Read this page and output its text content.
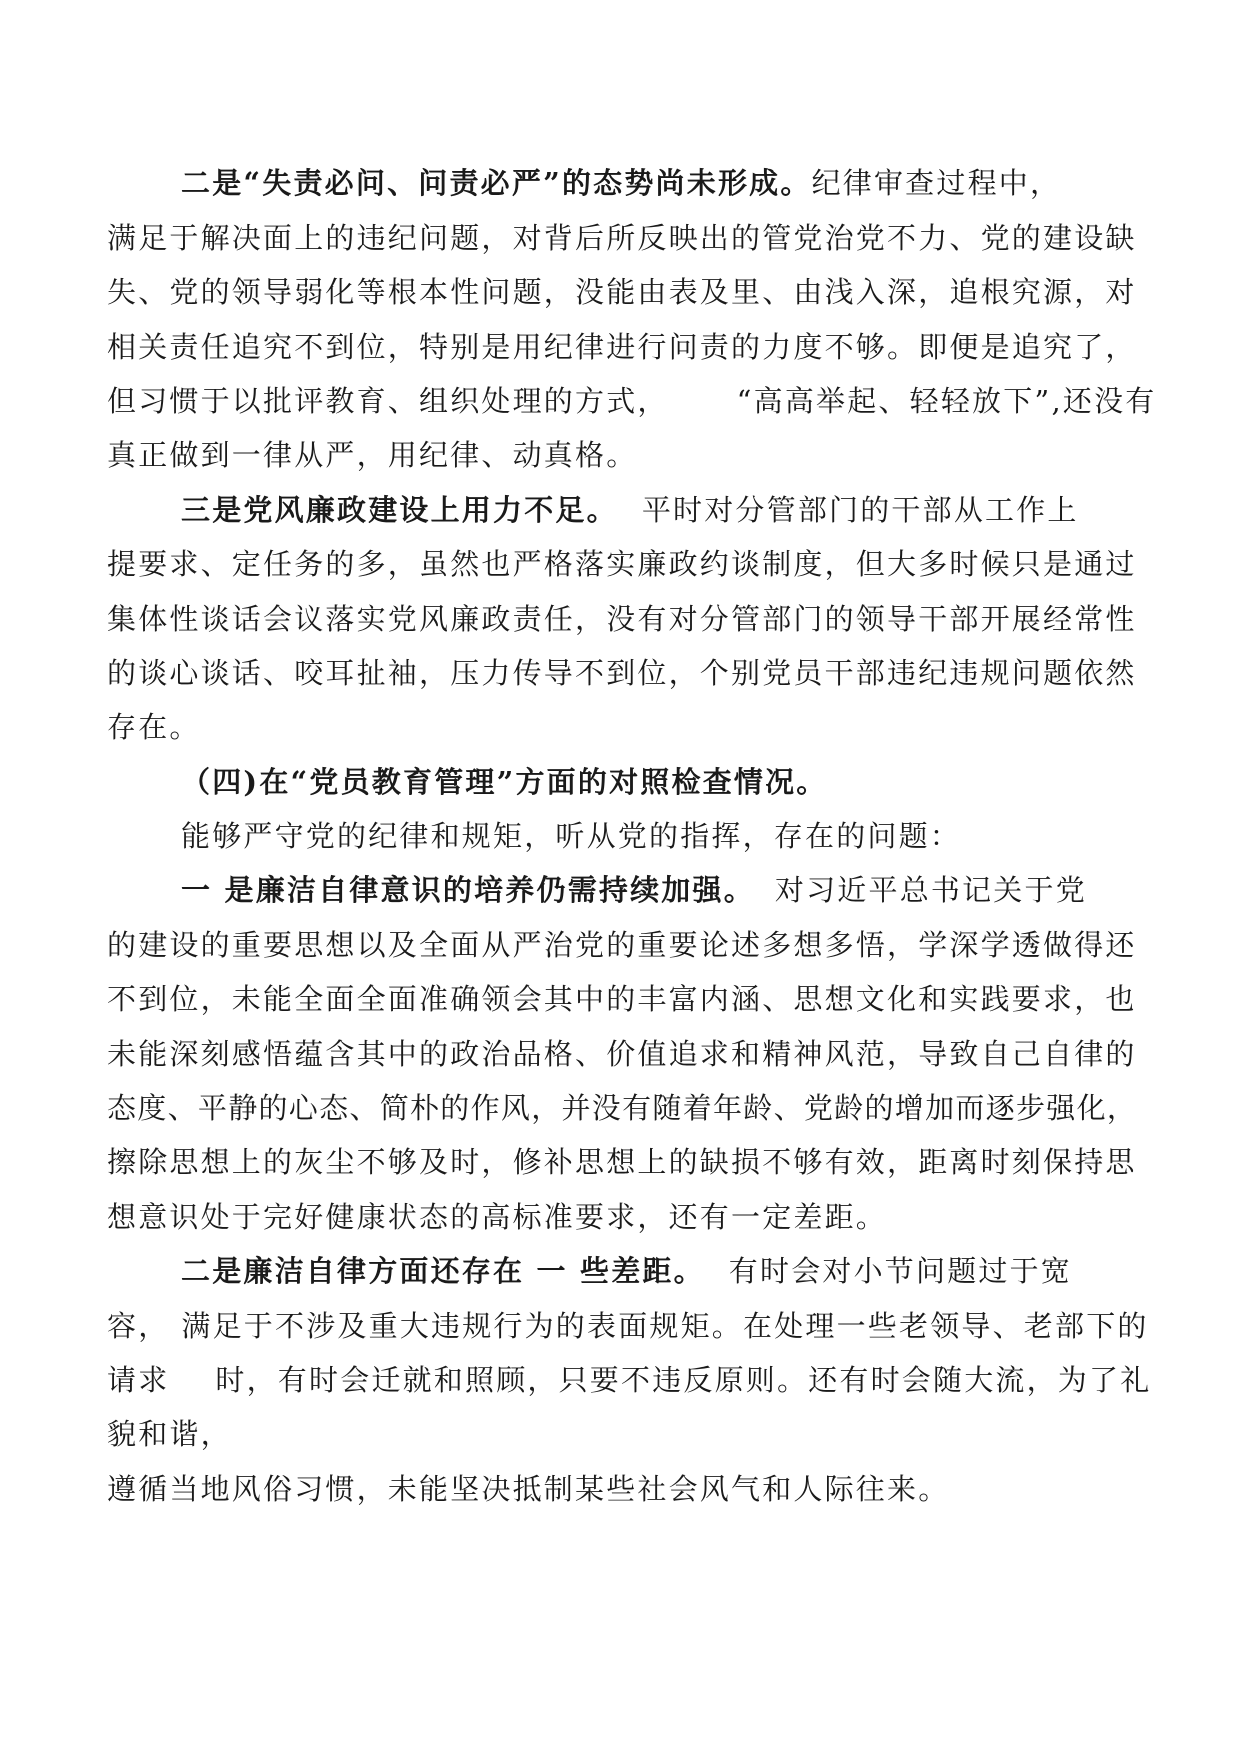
二是“失责必问、问责必严”的态势尚未形成。纪律审查过程中，
满足于解决面上的违纪问题，对背后所反映出的管党治党不力、党的建设缺
失、党的领导弱化等根本性问题，没能由表及里、由浅入深，追根究源，对
相关责任追究不到位，特别是用纪律进行问责的力度不够。即便是追究了，
但习惯于以批评教育、组织处理的方式， “高高举起、轻轻放下”,还没有
真正做到一律从严，用纪律、动真格。
三是党风廉政建设上用力不足。 平时对分管部门的干部从工作上
提要求、定任务的多，虽然也严格落实廉政约谈制度，但大多时候只是通过
集体性谈话会议落实党风廉政责任，没有对分管部门的领导干部开展经常性
的谈心谈话、咬耳扯袖，压力传导不到位，个别党员干部违纪违规问题依然
存在。
（四)在“党员教育管理”方面的对照检查情况。
能够严守党的纪律和规矩，听从党的指挥，存在的问题：
一 是廉洁自律意识的培养仍需持续加强。 对习近平总书记关于党
的建设的重要思想以及全面从严治党的重要论述多想多悟，学深学透做得还
不到位，未能全面全面准确领会其中的丰富内涵、思想文化和实践要求，也
未能深刻感悟蕴含其中的政治品格、价值追求和精神风范，导致自己自律的
态度、平静的心态、简朴的作风，并没有随着年龄、党龄的增加而逐步强化，
擦除思想上的灰尘不够及时，修补思想上的缺损不够有效，距离时刻保持思
想意识处于完好健康状态的高标准要求，还有一定差距。
二是廉洁自律方面还存在 一 些差距。 有时会对小节问题过于宽
容， 满足于不涉及重大违规行为的表面规矩。在处理一些老领导、老部下的
请求 时，有时会迁就和照顾，只要不违反原则。还有时会随大流，为了礼
貌和谐，
遵循当地风俗习惯，未能坚决抵制某些社会风气和人际往来。
